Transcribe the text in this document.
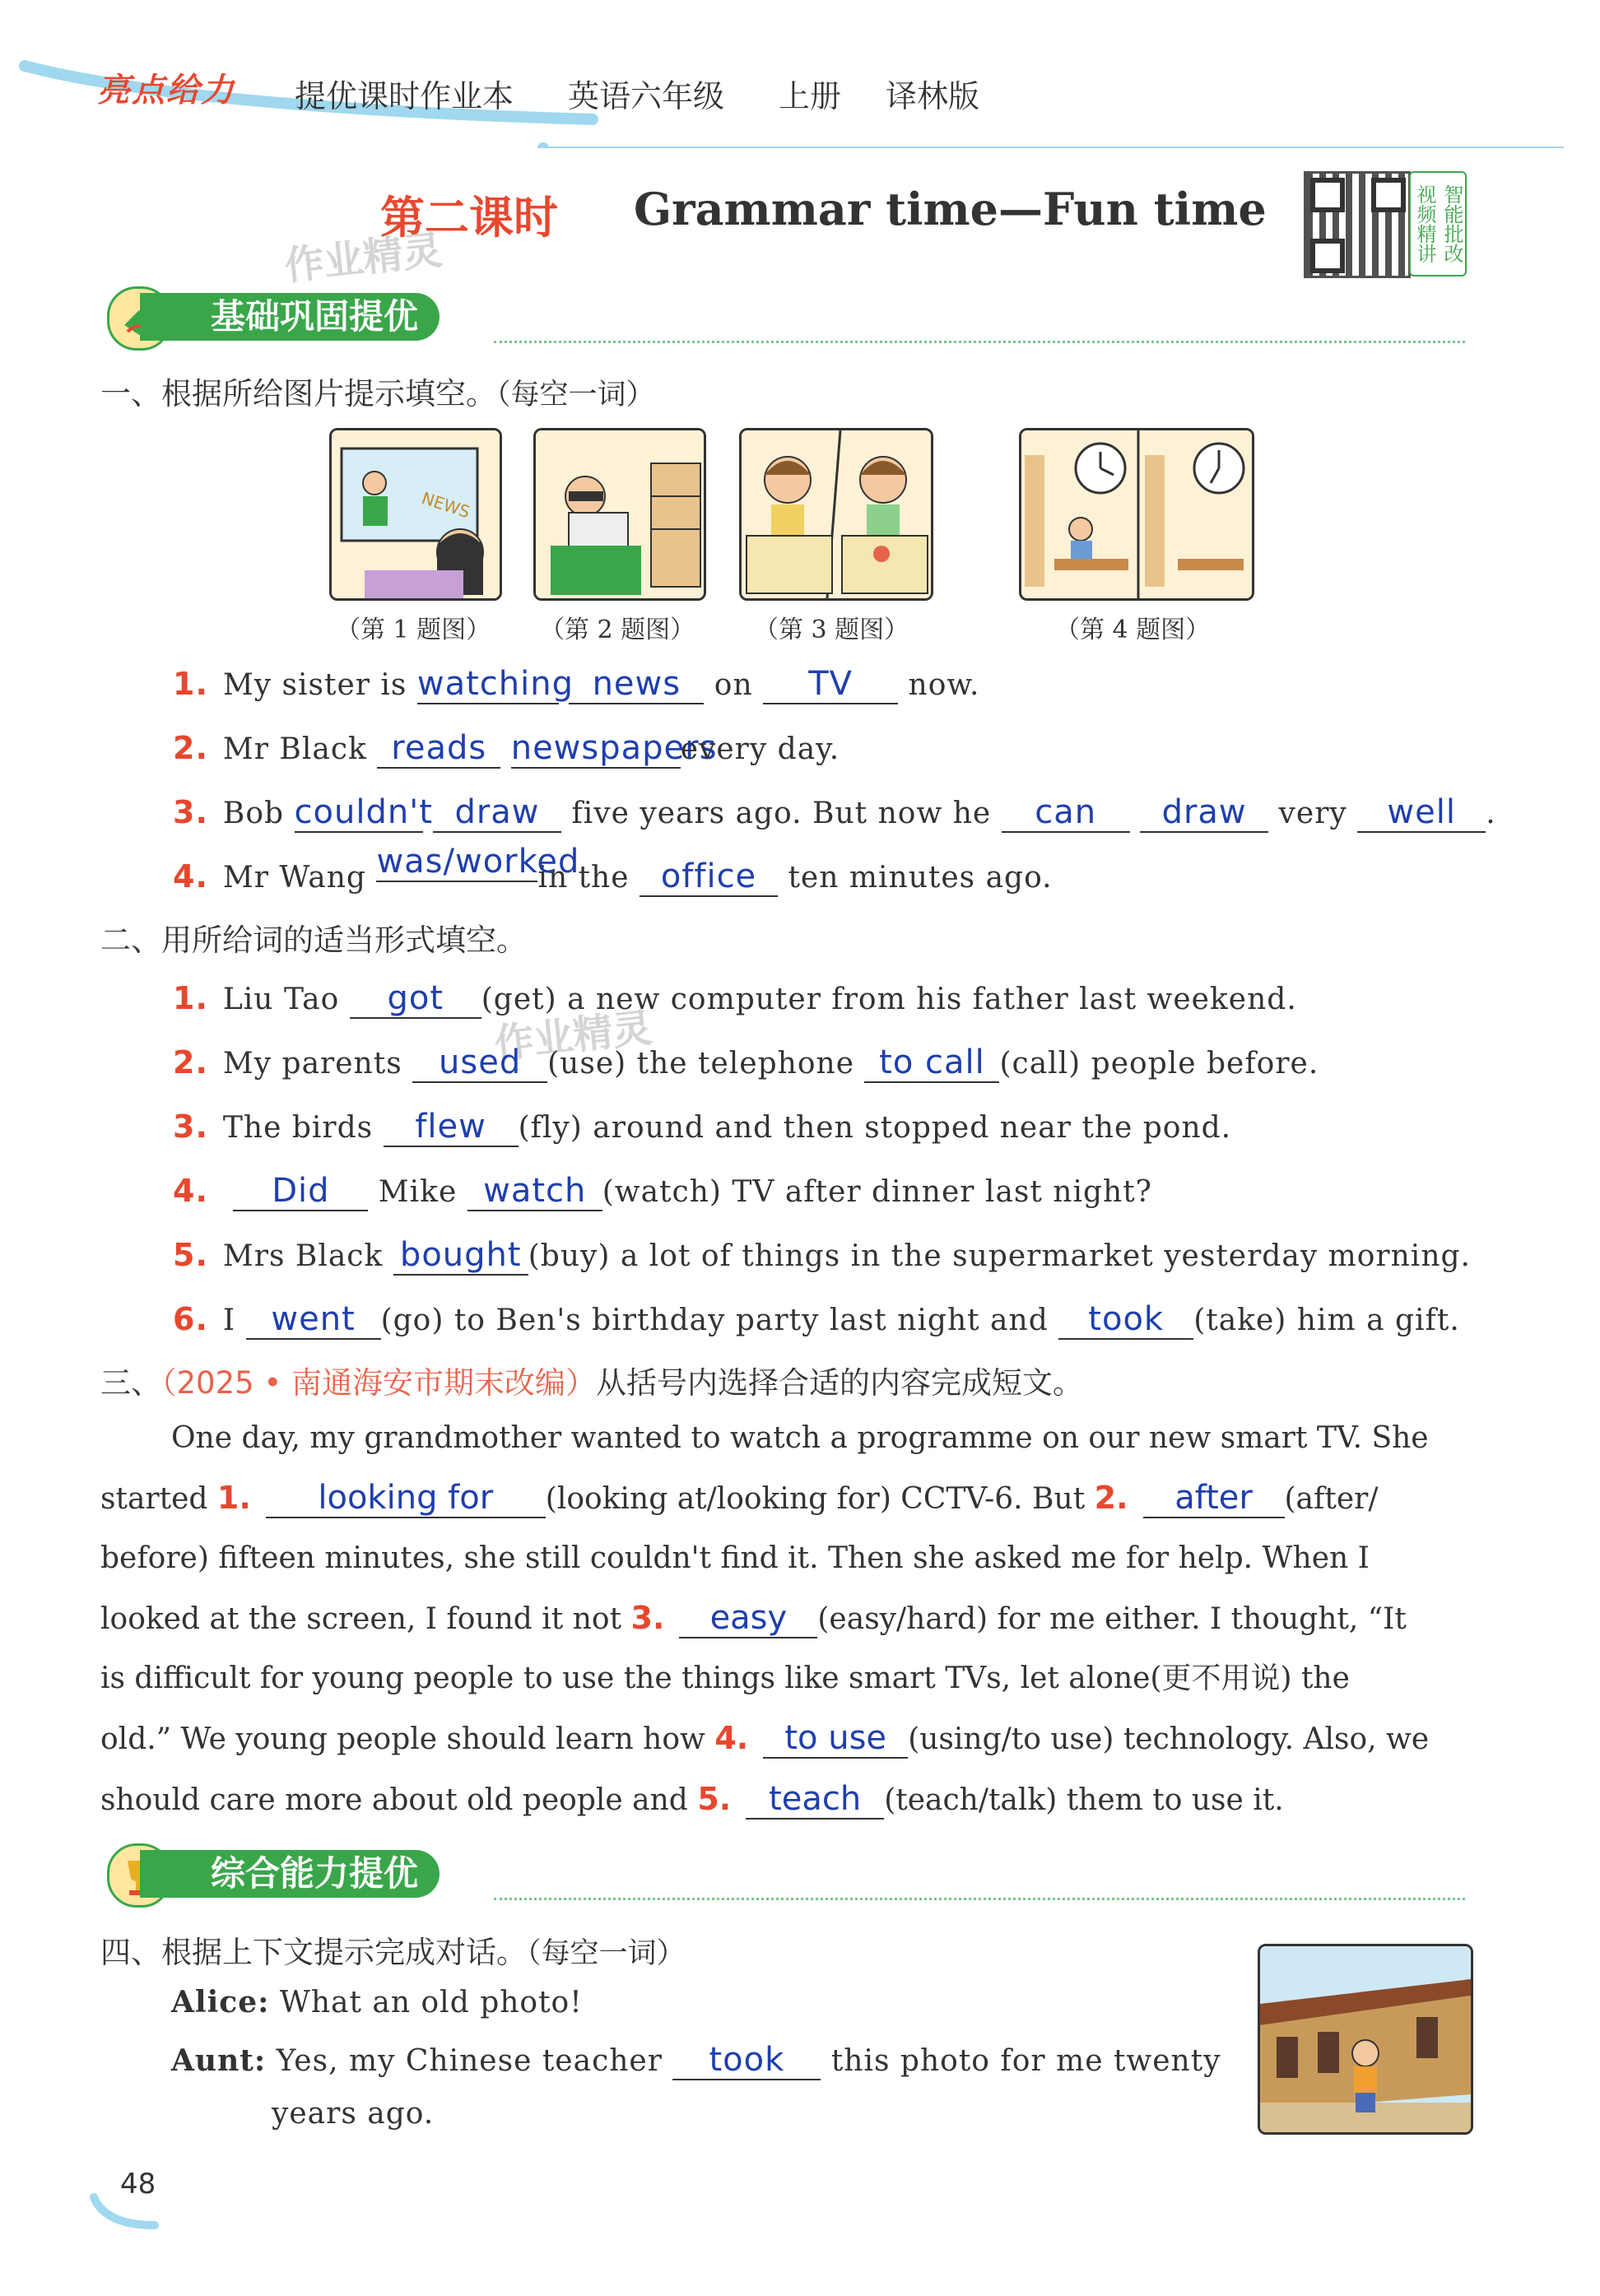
亮点给力 提优课时作业本 英语六年级 上册 译林版
第二课时 Grammar time—Fun time
作业精灵	视频精讲 智能批改
基础巩固提优
一、根据所给图片提示填空。（每空一词）
NEWS
（第 1 题图） （第 2 题图） （第 3 题图）	（第 4 题图）
1. My sister is watching news on TV now.
2. Mr Black reads newspapersevery day.
3. Bob couldn't draw five years ago. But now he can draw very well .
4. Mr Wang was/workedin the office ten minutes ago.
二、用所给词的适当形式填空。
作业精灵
1. Liu Tao got (get) a new computer from his father last weekend.
2. My parents used (use) the telephone to call (call) people before.
3. The birds flew (fly) around and then stopped near the pond.
4. Did Mike watch (watch) TV after dinner last night?
5. Mrs Black bought (buy) a lot of things in the supermarket yesterday morning.
6. I went (go) to Ben's birthday party last night and took (take) him a gift.
三、（2025 • 南通海安市期末改编）从括号内选择合适的内容完成短文。
One day, my grandmother wanted to watch a programme on our new smart TV. She
started 1. looking for (looking at/looking for) CCTV-6. But 2. after (after/
before) fifteen minutes, she still couldn't find it. Then she asked me for help. When I
looked at the screen, I found it not 3. easy (easy/hard) for me either. I thought, “It
is difficult for young people to use the things like smart TVs, let alone(更不用说) the
old.” We young people should learn how 4. to use (using/to use) technology. Also, we
should care more about old people and 5. teach (teach/talk) them to use it.
综合能力提优
四、根据上下文提示完成对话。（每空一词）
Alice: What an old photo!
Aunt: Yes, my Chinese teacher took this photo for me twenty
years ago.
48
